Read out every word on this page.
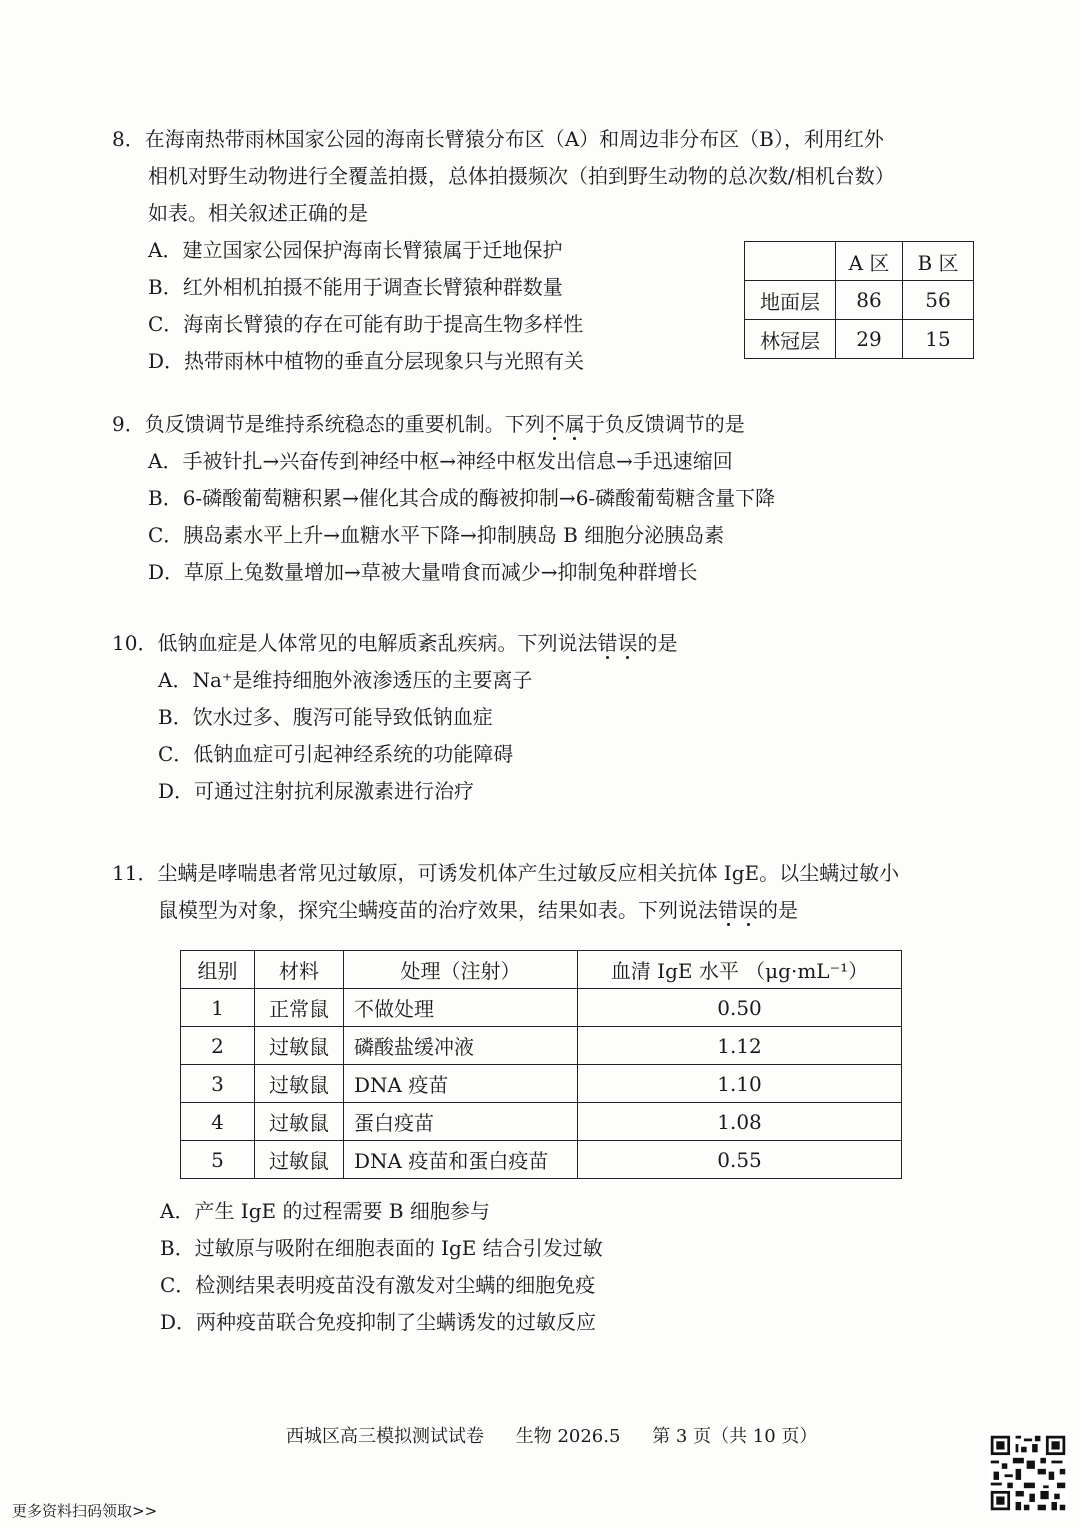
8．在海南热带雨林国家公园的海南长臂猿分布区（A）和周边非分布区（B），利用红外
相机对野生动物进行全覆盖拍摄，总体拍摄频次（拍到野生动物的总次数/相机台数）
如表。相关叙述正确的是

A．建立国家公园保护海南长臂猿属于迁地保护

B．红外相机拍摄不能用于调查长臂猿种群数量

C．海南长臂猿的存在可能有助于提高生物多样性

D．热带雨林中植物的垂直分层现象只与光照有关

	A 区	B 区
地面层	86	56
林冠层	29	15

9．负反馈调节是维持系统稳态的重要机制。下列不属于负反馈调节的是

A．手被针扎→兴奋传到神经中枢→神经中枢发出信息→手迅速缩回

B．6-磷酸葡萄糖积累→催化其合成的酶被抑制→6-磷酸葡萄糖含量下降

C．胰岛素水平上升→血糖水平下降→抑制胰岛 B 细胞分泌胰岛素

D．草原上兔数量增加→草被大量啃食而减少→抑制兔种群增长

10．低钠血症是人体常见的电解质紊乱疾病。下列说法错误的是

A．Na⁺是维持细胞外液渗透压的主要离子

B．饮水过多、腹泻可能导致低钠血症

C．低钠血症可引起神经系统的功能障碍

D．可通过注射抗利尿激素进行治疗

11．尘螨是哮喘患者常见过敏原，可诱发机体产生过敏反应相关抗体 IgE。以尘螨过敏小
鼠模型为对象，探究尘螨疫苗的治疗效果，结果如表。下列说法错误的是

组别	材料	处理（注射）	血清 IgE 水平 （μg·mL⁻¹）
1	正常鼠	不做处理	0.50
2	过敏鼠	磷酸盐缓冲液	1.12
3	过敏鼠	DNA 疫苗	1.10
4	过敏鼠	蛋白疫苗	1.08
5	过敏鼠	DNA 疫苗和蛋白疫苗	0.55

A．产生 IgE 的过程需要 B 细胞参与

B．过敏原与吸附在细胞表面的 IgE 结合引发过敏

C．检测结果表明疫苗没有激发对尘螨的细胞免疫

D．两种疫苗联合免疫抑制了尘螨诱发的过敏反应

西城区高三模拟测试试卷 生物 2026.5 第 3 页（共 10 页）
更多资料扫码领取>>
